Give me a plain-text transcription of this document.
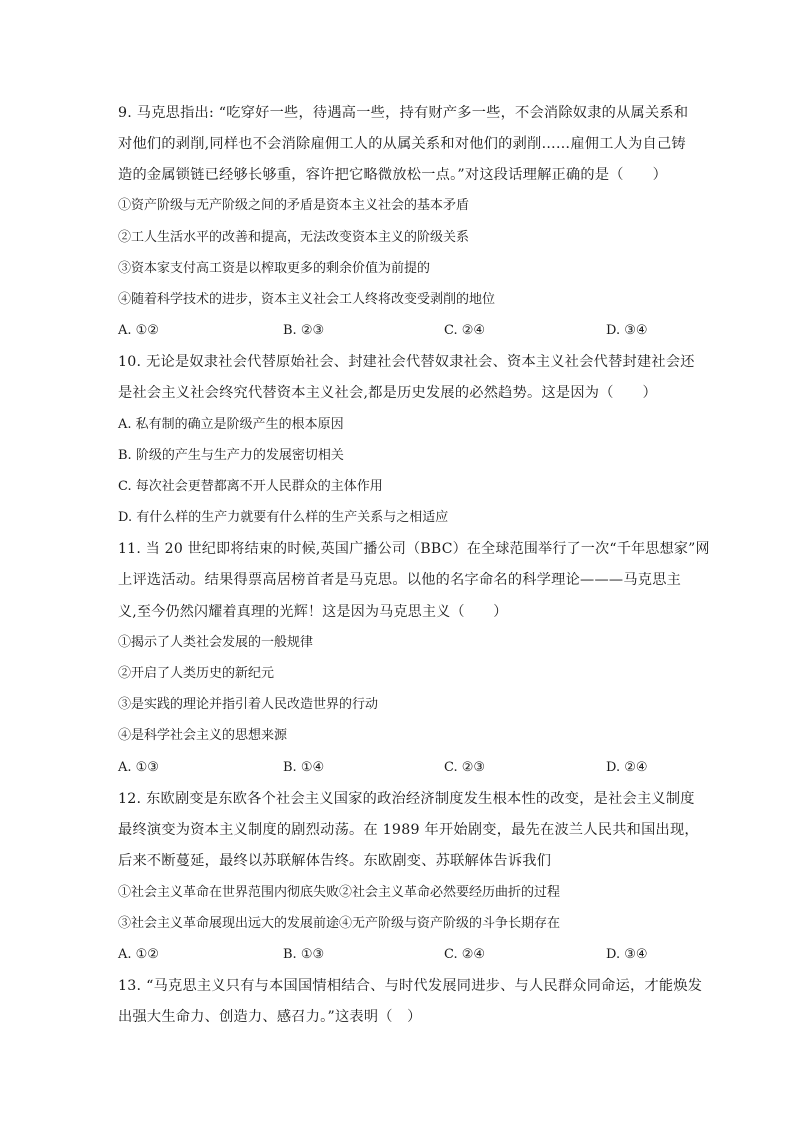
9. 马克思指出: “吃穿好一些，待遇高一些，持有财产多一些，不会消除奴隶的从属关系和
对他们的剥削,同样也不会消除雇佣工人的从属关系和对他们的剥削……雇佣工人为自己铸
造的金属锁链已经够长够重，容许把它略微放松一点。”对这段话理解正确的是（　　）
①资产阶级与无产阶级之间的矛盾是资本主义社会的基本矛盾
②工人生活水平的改善和提高，无法改变资本主义的阶级关系
③资本家支付高工资是以榨取更多的剩余价值为前提的
④随着科学技术的进步，资本主义社会工人终将改变受剥削的地位
A. ①②	B. ②③	C. ②④	D. ③④
10. 无论是奴隶社会代替原始社会、封建社会代替奴隶社会、资本主义社会代替封建社会还
是社会主义社会终究代替资本主义社会,都是历史发展的必然趋势。这是因为（　　）
A. 私有制的确立是阶级产生的根本原因
B. 阶级的产生与生产力的发展密切相关
C. 每次社会更替都离不开人民群众的主体作用
D. 有什么样的生产力就要有什么样的生产关系与之相适应
11. 当 20 世纪即将结束的时候,英国广播公司（BBC）在全球范围举行了一次“千年思想家”网
上评选活动。结果得票高居榜首者是马克思。以他的名字命名的科学理论———马克思主
义,至今仍然闪耀着真理的光辉！这是因为马克思主义（　　）
①揭示了人类社会发展的一般规律
②开启了人类历史的新纪元
③是实践的理论并指引着人民改造世界的行动
④是科学社会主义的思想来源
A. ①③	B. ①④	C. ②③	D. ②④
12. 东欧剧变是东欧各个社会主义国家的政治经济制度发生根本性的改变，是社会主义制度
最终演变为资本主义制度的剧烈动荡。在 1989 年开始剧变，最先在波兰人民共和国出现，
后来不断蔓延，最终以苏联解体告终。东欧剧变、苏联解体告诉我们
①社会主义革命在世界范围内彻底失败②社会主义革命必然要经历曲折的过程
③社会主义革命展现出远大的发展前途④无产阶级与资产阶级的斗争长期存在
A. ①②	B. ①③	C. ②④	D. ③④
13. “马克思主义只有与本国国情相结合、与时代发展同进步、与人民群众同命运，才能焕发
出强大生命力、创造力、感召力。”这表明（　）
